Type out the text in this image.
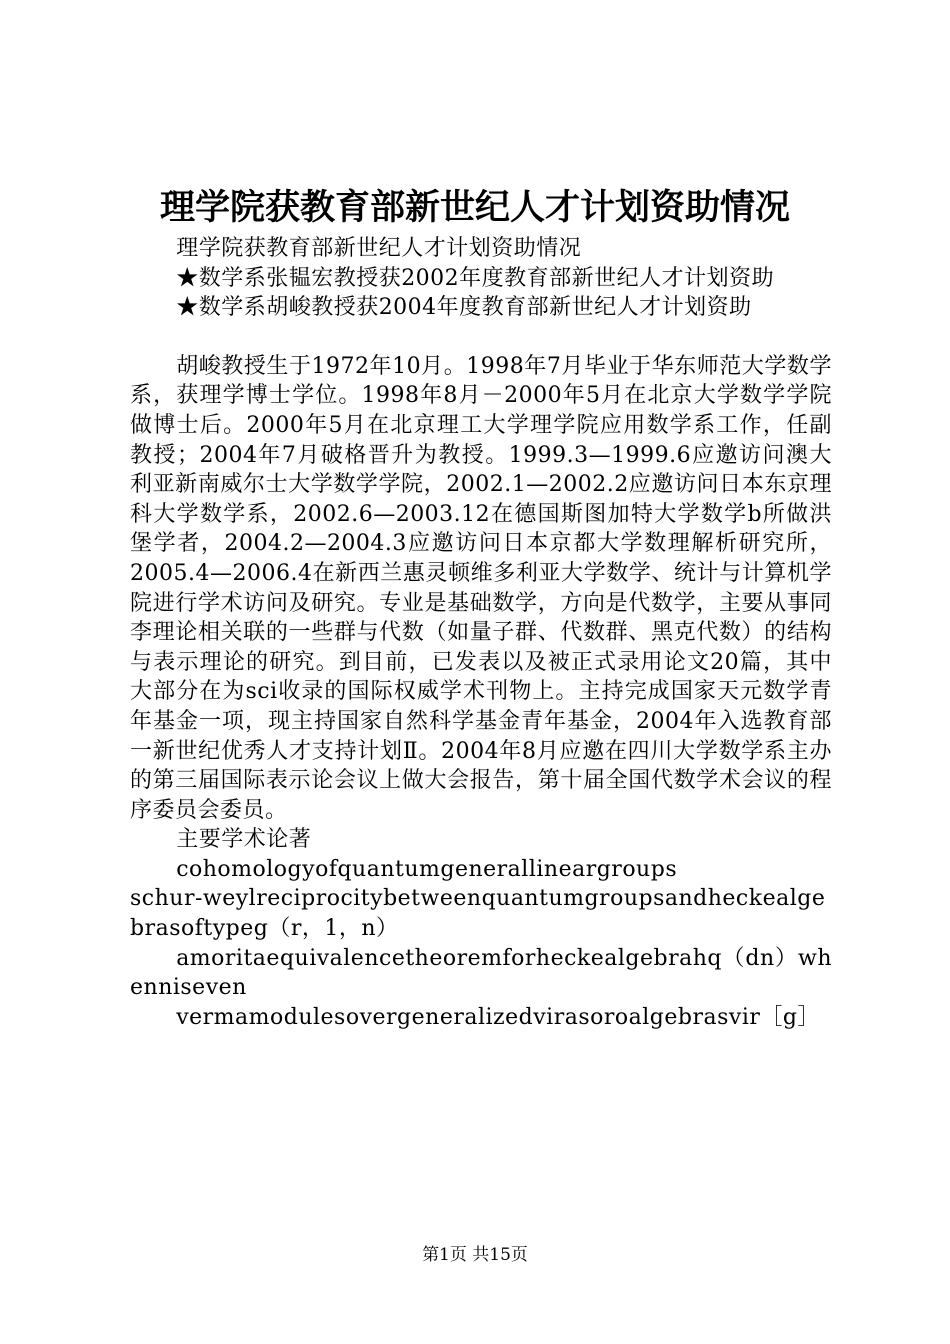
理学院获教育部新世纪人才计划资助情况

理学院获教育部新世纪人才计划资助情况

★数学系张韫宏教授获2002年度教育部新世纪人才计划资助

★数学系胡峻教授获2004年度教育部新世纪人才计划资助

胡峻教授生于1972年10月。1998年7月毕业于华东师范大学数学系，获理学博士学位。1998年8月－2000年5月在北京大学数学学院做博士后。2000年5月在北京理工大学理学院应用数学系工作，任副教授；2004年7月破格晋升为教授。1999.3—1999.6应邀访问澳大利亚新南威尔士大学数学学院，2002.1—2002.2应邀访问日本东京理科大学数学系，2002.6—2003.12在德国斯图加特大学数学b所做洪堡学者，2004.2—2004.3应邀访问日本京都大学数理解析研究所，2005.4—2006.4在新西兰惠灵顿维多利亚大学数学、统计与计算机学院进行学术访问及研究。专业是基础数学，方向是代数学，主要从事同李理论相关联的一些群与代数（如量子群、代数群、黑克代数）的结构与表示理论的研究。到目前，已发表以及被正式录用论文20篇，其中大部分在为sci收录的国际权威学术刊物上。主持完成国家天元数学青年基金一项，现主持国家自然科学基金青年基金，2004年入选教育部一新世纪优秀人才支持计划Ⅱ。2004年8月应邀在四川大学数学系主办的第三届国际表示论会议上做大会报告，第十届全国代数学术会议的程序委员会委员。

主要学术论著

cohomologyofquantumgenerallineargroups

schur-weylreciprocitybetweenquantumgroupsandheckealgebrasoftypeg（r，1，n）

amoritaequivalencetheoremforheckealgebrahq（dn）whenniseven

vermamodulesovergeneralizedvirasoroalgebrasvir［g］

第1页 共15页
